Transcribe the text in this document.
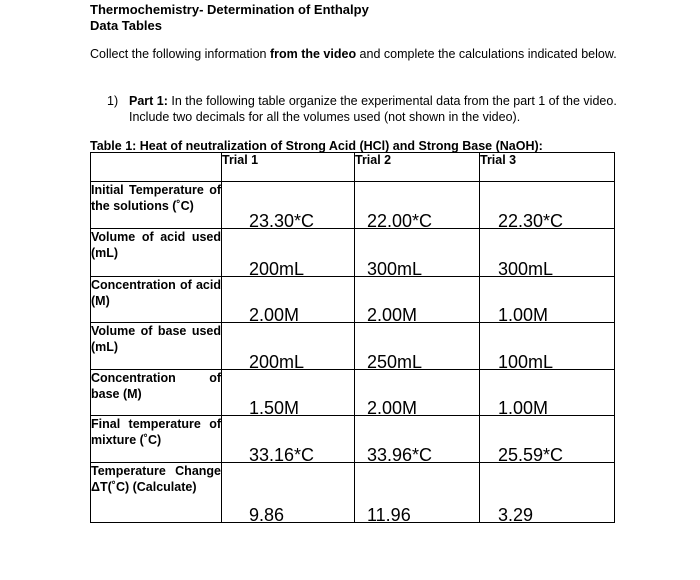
Thermochemistry- Determination of Enthalpy
Data Tables

Collect the following information from the video and complete the calculations indicated below.

1) Part 1: In the following table organize the experimental data from the part 1 of the video. Include two decimals for all the volumes used (not shown in the video).

Table 1: Heat of neutralization of Strong Acid (HCl) and Strong Base (NaOH):

	Trial 1	Trial 2	Trial 3
Initial Temperature of the solutions (˚C)	23.30*C	22.00*C	22.30*C

Volume of acid used (mL)	200mL	300mL	300mL

Concentration of acid (M)	2.00M	2.00M	1.00M

Volume of base used (mL)	200mL	250mL	100mL

Concentration of base (M)	1.50M	2.00M	1.00M

Final temperature of mixture (˚C)	33.16*C	33.96*C	25.59*C

Temperature Change ΔT(˚C) (Calculate)	9.86	11.96	3.29
